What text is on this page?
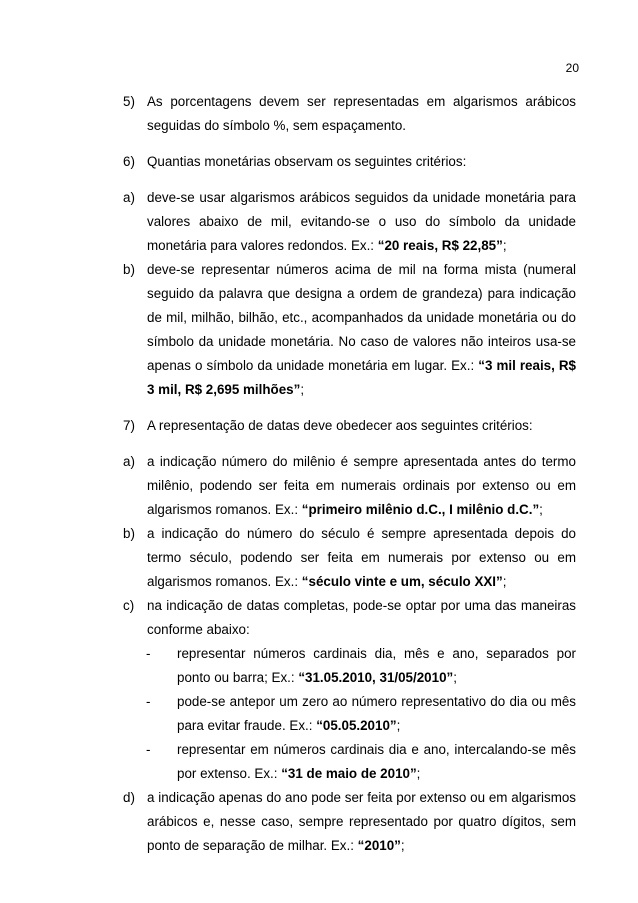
20
5) As porcentagens devem ser representadas em algarismos arábicos seguidas do símbolo %, sem espaçamento.
6) Quantias monetárias observam os seguintes critérios:
a) deve-se usar algarismos arábicos seguidos da unidade monetária para valores abaixo de mil, evitando-se o uso do símbolo da unidade monetária para valores redondos. Ex.: “20 reais, R$ 22,85”;
b) deve-se representar números acima de mil na forma mista (numeral seguido da palavra que designa a ordem de grandeza) para indicação de mil, milhão, bilhão, etc., acompanhados da unidade monetária ou do símbolo da unidade monetária. No caso de valores não inteiros usa-se apenas o símbolo da unidade monetária em lugar. Ex.: “3 mil reais, R$ 3 mil, R$ 2,695 milhões”;
7) A representação de datas deve obedecer aos seguintes critérios:
a) a indicação número do milênio é sempre apresentada antes do termo milênio, podendo ser feita em numerais ordinais por extenso ou em algarismos romanos. Ex.: “primeiro milênio d.C., I milênio d.C.”;
b) a indicação do número do século é sempre apresentada depois do termo século, podendo ser feita em numerais por extenso ou em algarismos romanos. Ex.: “século vinte e um, século XXI”;
c) na indicação de datas completas, pode-se optar por uma das maneiras conforme abaixo:
-	representar números cardinais dia, mês e ano, separados por ponto ou barra; Ex.: “31.05.2010, 31/05/2010”;
-	pode-se antepor um zero ao número representativo do dia ou mês para evitar fraude. Ex.: “05.05.2010”;
-	representar em números cardinais dia e ano, intercalando-se mês por extenso. Ex.: “31 de maio de 2010”;
d) a indicação apenas do ano pode ser feita por extenso ou em algarismos arábicos e, nesse caso, sempre representado por quatro dígitos, sem ponto de separação de milhar. Ex.: “2010”;
